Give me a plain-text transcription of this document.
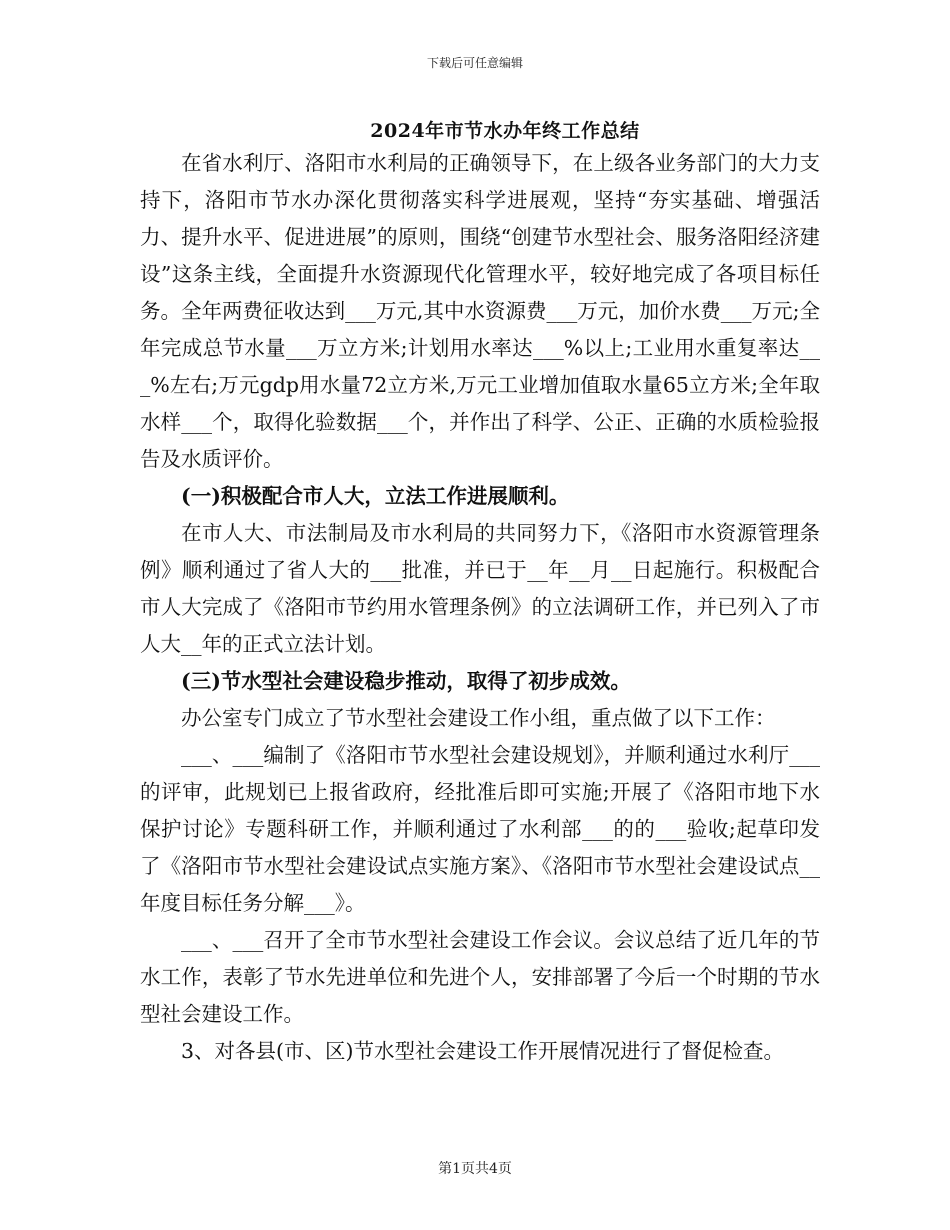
下载后可任意编辑
2024年市节水办年终工作总结

在省水利厅、洛阳市水利局的正确领导下，在上级各业务部门的大力支持下，洛阳市节水办深化贯彻落实科学进展观，坚持“夯实基础、增强活力、提升水平、促进进展”的原则，围绕“创建节水型社会、服务洛阳经济建设”这条主线，全面提升水资源现代化管理水平，较好地完成了各项目标任务。全年两费征收达到___万元,其中水资源费___万元，加价水费___万元;全年完成总节水量___万立方米;计划用水率达___%以上;工业用水重复率达___%左右;万元gdp用水量72立方米,万元工业增加值取水量65立方米;全年取水样___个，取得化验数据___个，并作出了科学、公正、正确的水质检验报告及水质评价。

(一)积极配合市人大，立法工作进展顺利。

在市人大、市法制局及市水利局的共同努力下，《洛阳市水资源管理条例》顺利通过了省人大的___批准，并已于__年__月__日起施行。积极配合市人大完成了《洛阳市节约用水管理条例》的立法调研工作，并已列入了市人大__年的正式立法计划。

(三)节水型社会建设稳步推动，取得了初步成效。

办公室专门成立了节水型社会建设工作小组，重点做了以下工作：

___、___编制了《洛阳市节水型社会建设规划》，并顺利通过水利厅___的评审，此规划已上报省政府，经批准后即可实施;开展了《洛阳市地下水保护讨论》专题科研工作，并顺利通过了水利部___的的___验收;起草印发了《洛阳市节水型社会建设试点实施方案》、《洛阳市节水型社会建设试点__年度目标任务分解___》。

___、___召开了全市节水型社会建设工作会议。会议总结了近几年的节水工作，表彰了节水先进单位和先进个人，安排部署了今后一个时期的节水型社会建设工作。

3、对各县(市、区)节水型社会建设工作开展情况进行了督促检查。

第1页共4页
